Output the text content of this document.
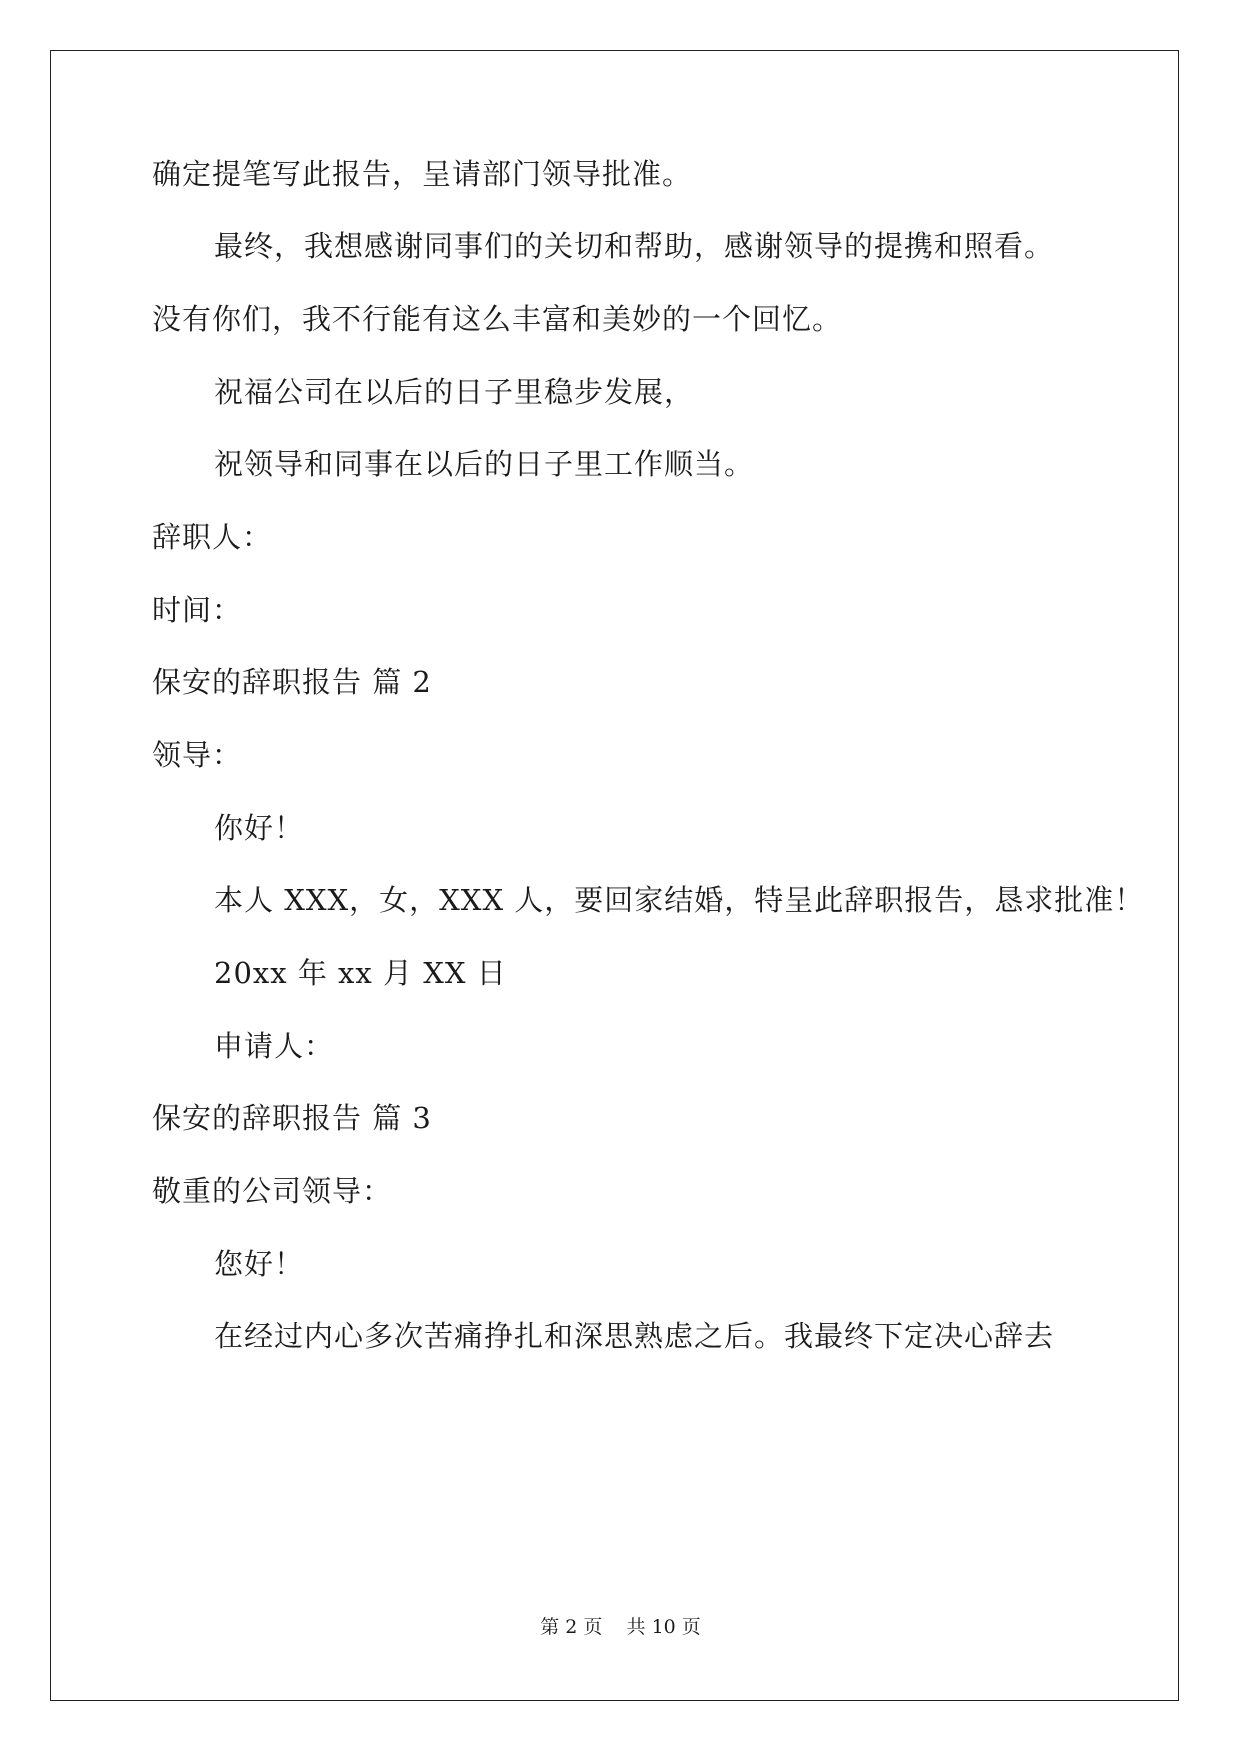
确定提笔写此报告，呈请部门领导批准。
最终，我想感谢同事们的关切和帮助，感谢领导的提携和照看。
没有你们，我不行能有这么丰富和美妙的一个回忆。
祝福公司在以后的日子里稳步发展，
祝领导和同事在以后的日子里工作顺当。
辞职人：
时间：
保安的辞职报告 篇 2
领导：
你好！
本人 XXX，女，XXX 人，要回家结婚，特呈此辞职报告，恳求批准！
20xx 年 xx 月 XX 日
申请人：
保安的辞职报告 篇 3
敬重的公司领导：
您好！
在经过内心多次苦痛挣扎和深思熟虑之后。我最终下定决心辞去
第 2 页    共 10 页
